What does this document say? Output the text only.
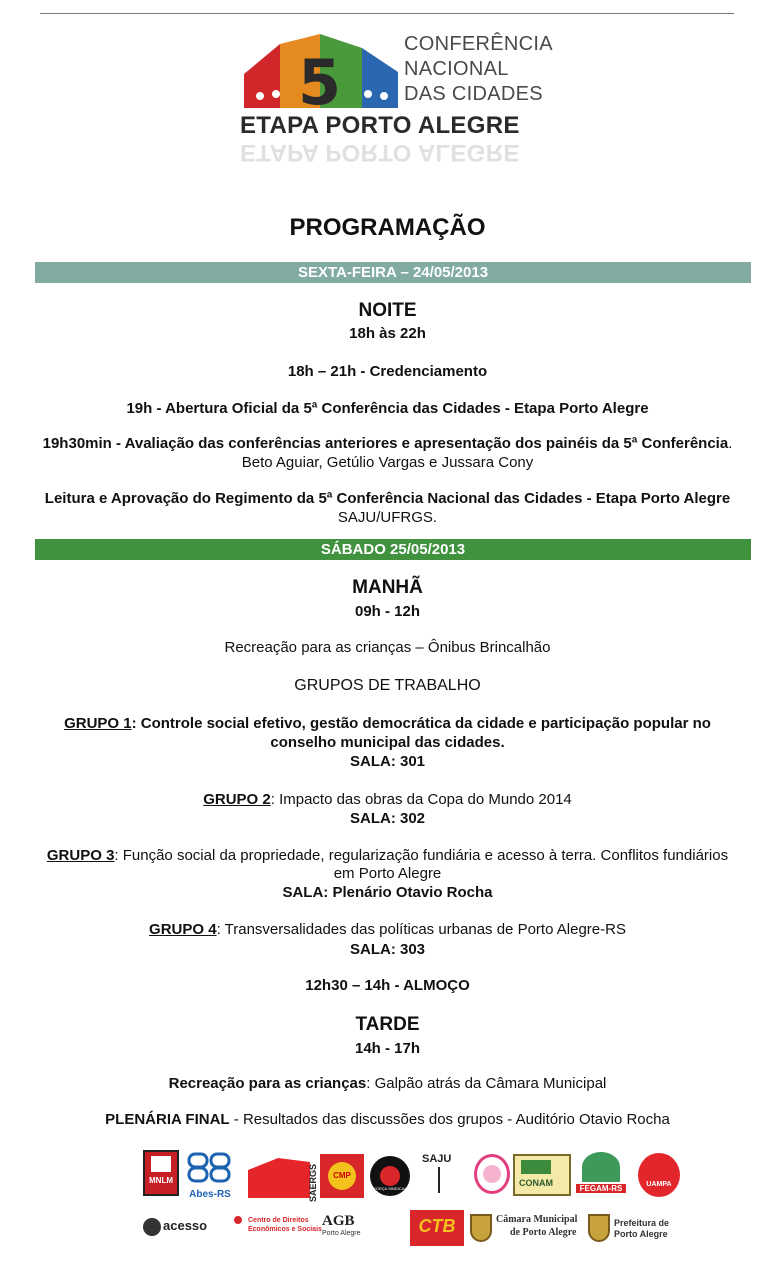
5
CONFERÊNCIA
NACIONAL
DAS CIDADES
ETAPA PORTO ALEGRE
ETAPA PORTO ALEGRE
PROGRAMAÇÃO
SEXTA-FEIRA – 24/05/2013
NOITE
18h às 22h
18h – 21h - Credenciamento
19h - Abertura Oficial da 5ª Conferência das Cidades - Etapa Porto Alegre
19h30min - Avaliação das conferências anteriores e apresentação dos painéis da 5ª Conferência.
Beto Aguiar, Getúlio Vargas e Jussara Cony
Leitura e Aprovação do Regimento da 5ª Conferência Nacional das Cidades - Etapa Porto Alegre
SAJU/UFRGS.
SÁBADO 25/05/2013
MANHÃ
09h - 12h
Recreação para as crianças – Ônibus Brincalhão
GRUPOS DE TRABALHO
GRUPO 1: Controle social efetivo, gestão democrática da cidade e participação popular no
conselho municipal das cidades.
SALA: 301
GRUPO 2: Impacto das obras da Copa do Mundo 2014
SALA: 302
GRUPO 3: Função social da propriedade, regularização fundiária e acesso à terra. Conflitos fundiários
em Porto Alegre
SALA: Plenário Otavio Rocha
GRUPO 4: Transversalidades das políticas urbanas de Porto Alegre-RS
SALA: 303
12h30 – 14h - ALMOÇO
TARDE
14h - 17h
Recreação para as crianças: Galpão atrás da Câmara Municipal
PLENÁRIA FINAL - Resultados das discussões dos grupos - Auditório Otavio Rocha
MNLM
Abes-RS	SAERGS	CMP
FORÇA SINDICAL
SAJU
CONAM
FEGAM-RS	UAMPA
acesso	Centro de Direitos Econômicos e Sociais
AGB
Porto Alegre	CTB	Câmara Municipal
de Porto Alegre
Prefeitura de
Porto Alegre
